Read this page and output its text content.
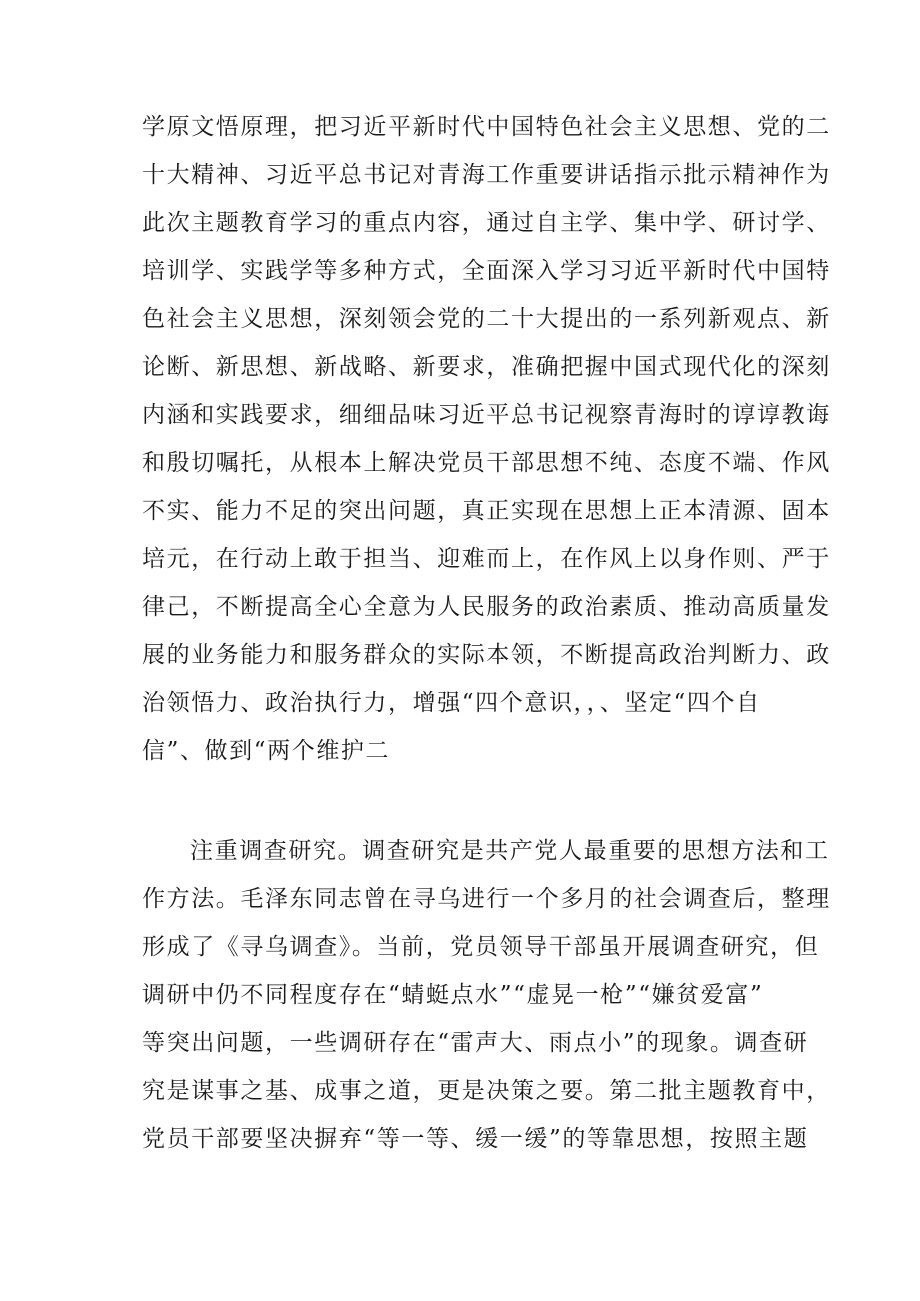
学原文悟原理，把习近平新时代中国特色社会主义思想、党的二
十大精神、习近平总书记对青海工作重要讲话指示批示精神作为
此次主题教育学习的重点内容，通过自主学、集中学、研讨学、
培训学、实践学等多种方式，全面深入学习习近平新时代中国特
色社会主义思想，深刻领会党的二十大提出的一系列新观点、新
论断、新思想、新战略、新要求，准确把握中国式现代化的深刻
内涵和实践要求，细细品味习近平总书记视察青海时的谆谆教诲
和殷切嘱托，从根本上解决党员干部思想不纯、态度不端、作风
不实、能力不足的突出问题，真正实现在思想上正本清源、固本
培元，在行动上敢于担当、迎难而上，在作风上以身作则、严于
律己，不断提高全心全意为人民服务的政治素质、推动高质量发
展的业务能力和服务群众的实际本领，不断提高政治判断力、政
治领悟力、政治执行力，增强“四个意识，，、坚定“四个自
信”、做到“两个维护二
注重调查研究。调查研究是共产党人最重要的思想方法和工
作方法。毛泽东同志曾在寻乌进行一个多月的社会调查后，整理
形成了《寻乌调查》。当前，党员领导干部虽开展调查研究，但
调研中仍不同程度存在“蜻蜓点水”“虚晃一枪”“嫌贫爱富”
等突出问题，一些调研存在“雷声大、雨点小”的现象。调查研
究是谋事之基、成事之道，更是决策之要。第二批主题教育中，
党员干部要坚决摒弃“等一等、缓一缓”的等靠思想，按照主题
